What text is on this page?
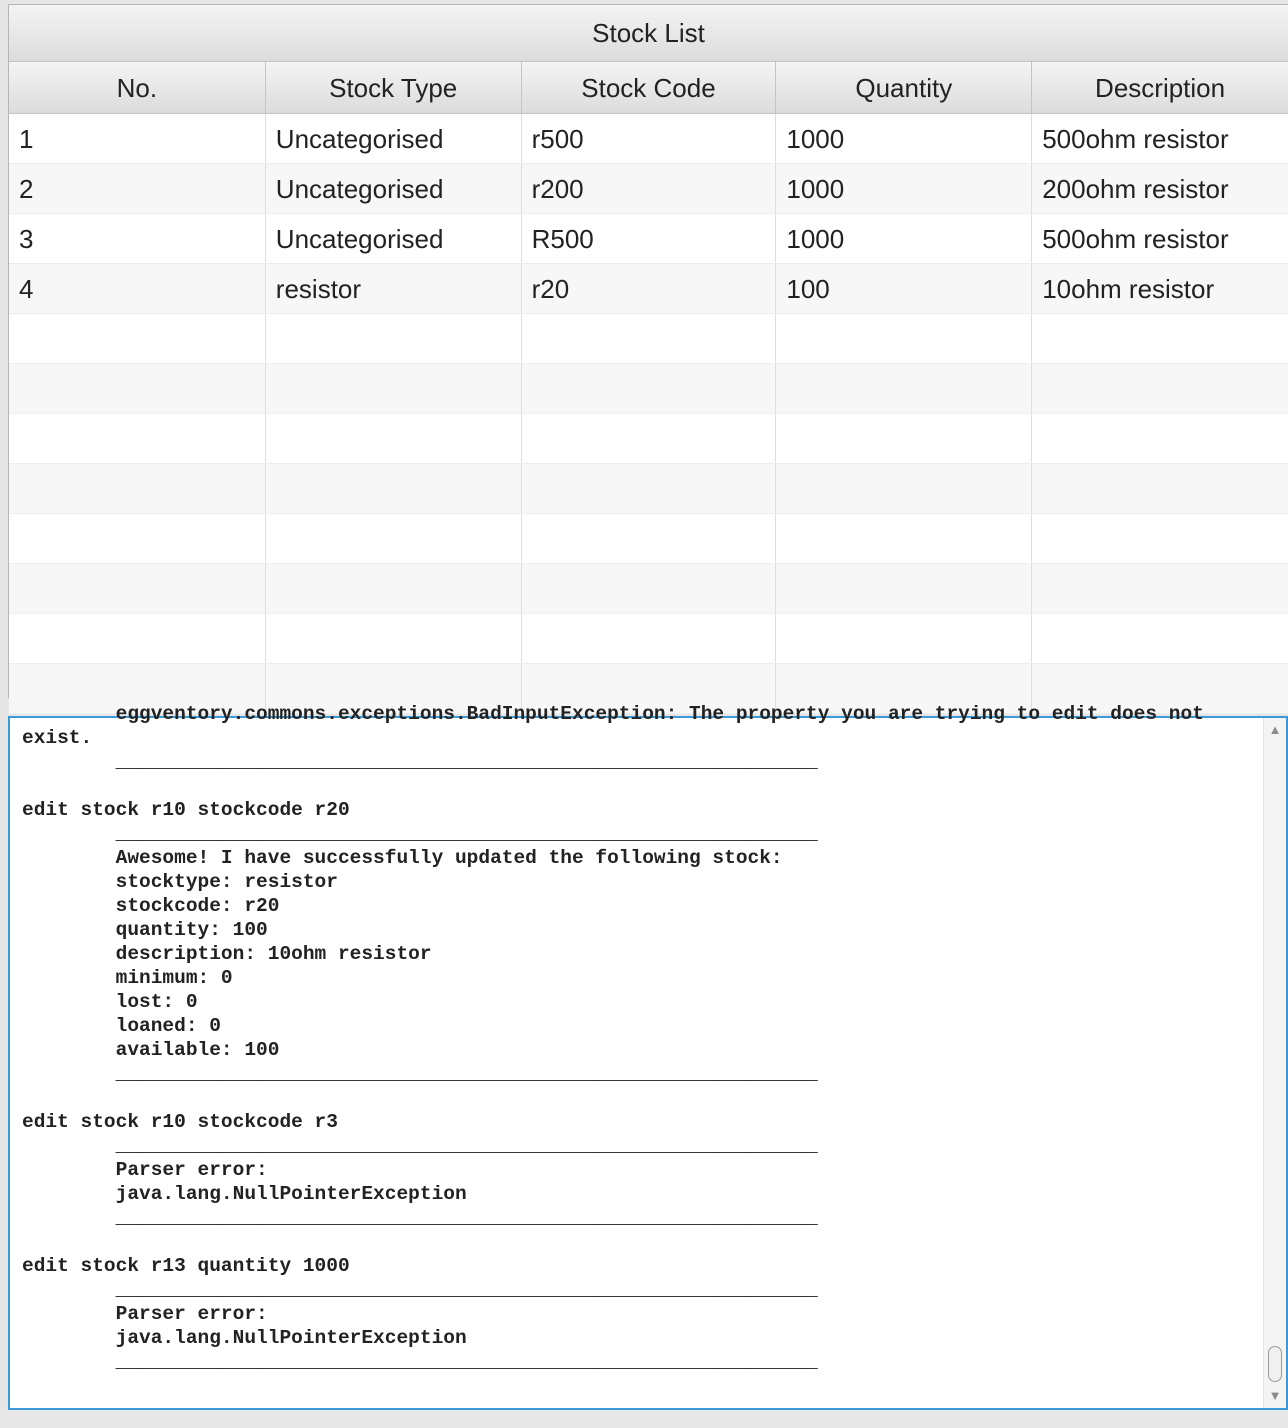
Stock List
No.	Stock Type	Stock Code	Quantity	Description
1	Uncategorised	r500	1000	500ohm resistor
2	Uncategorised	r200	1000	200ohm resistor
3	Uncategorised	R500	1000	500ohm resistor
4	resistor	r20	100	10ohm resistor
eggventory.commons.exceptions.BadInputException: The property you are trying to edit does not
exist.
____________________________________________________________

edit stock r10 stockcode r20
____________________________________________________________
Awesome! I have successfully updated the following stock:
stocktype: resistor
stockcode: r20
quantity: 100
description: 10ohm resistor
minimum: 0
lost: 0
loaned: 0
available: 100
____________________________________________________________

edit stock r10 stockcode r3
____________________________________________________________
Parser error:
java.lang.NullPointerException
____________________________________________________________

edit stock r13 quantity 1000
____________________________________________________________
Parser error:
java.lang.NullPointerException
____________________________________________________________

▲
▼
